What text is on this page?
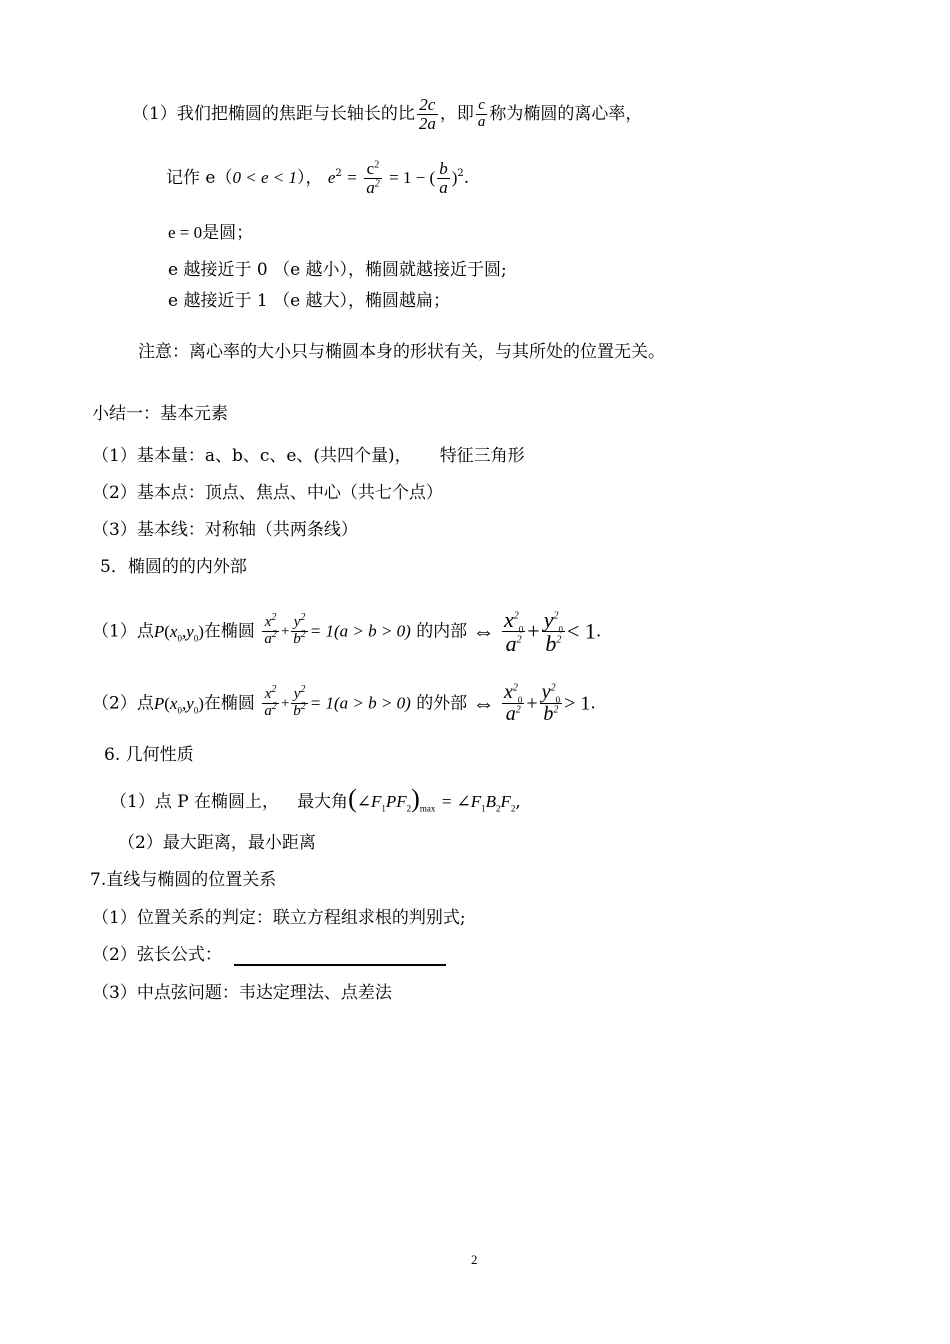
（1）我们把椭圆的焦距与长轴长的比 $\frac{2c}{2a}$ ，即 $\frac{c}{a}$ 称为椭圆的离心率，
记作 e（0 < e < 1）， $e^2 = \frac{c^2}{a^2} = 1$ − ( $\frac{b}{a} )^2$.
e = 0是圆；
e 越接近于 0 （e 越小），椭圆就越接近于圆;
e 越接近于 1 （e 越大），椭圆越扁；
注意：离心率的大小只与椭圆本身的形状有关，与其所处的位置无关。
小结一：基本元素
（1）基本量：a、b、c、e、(共四个量)， 特征三角形
（2）基本点：顶点、焦点、中心（共七个点）
（3）基本线：对称轴（共两条线）
5．椭圆的的内外部
（1）点$P(x_0,y_0)$在椭圆 $\frac{x^2}{a^2} + \frac{y^2}{b^2} = 1(a > b > 0)$ 的内部 ⇔ $\frac{x^2_0}{a^2} + \frac{y^2_0}{b^2} < 1$.
（2）点$P(x_0,y_0)$在椭圆 $\frac{x^2}{a^2} + \frac{y^2}{b^2} = 1(a > b > 0)$ 的外部 ⇔ $\frac{x^2_0}{a^2} + \frac{y^2_0}{b^2} > 1$.
6. 几何性质
（1）点 P 在椭圆上， 最大角$(\angle F_1PF_2)_{max}$ = $\angle F_1B_2F_2$,
（2）最大距离，最小距离
7.直线与椭圆的位置关系
（1）位置关系的判定：联立方程组求根的判别式;
（2）弦长公式：
（3）中点弦问题：韦达定理法、点差法
2
